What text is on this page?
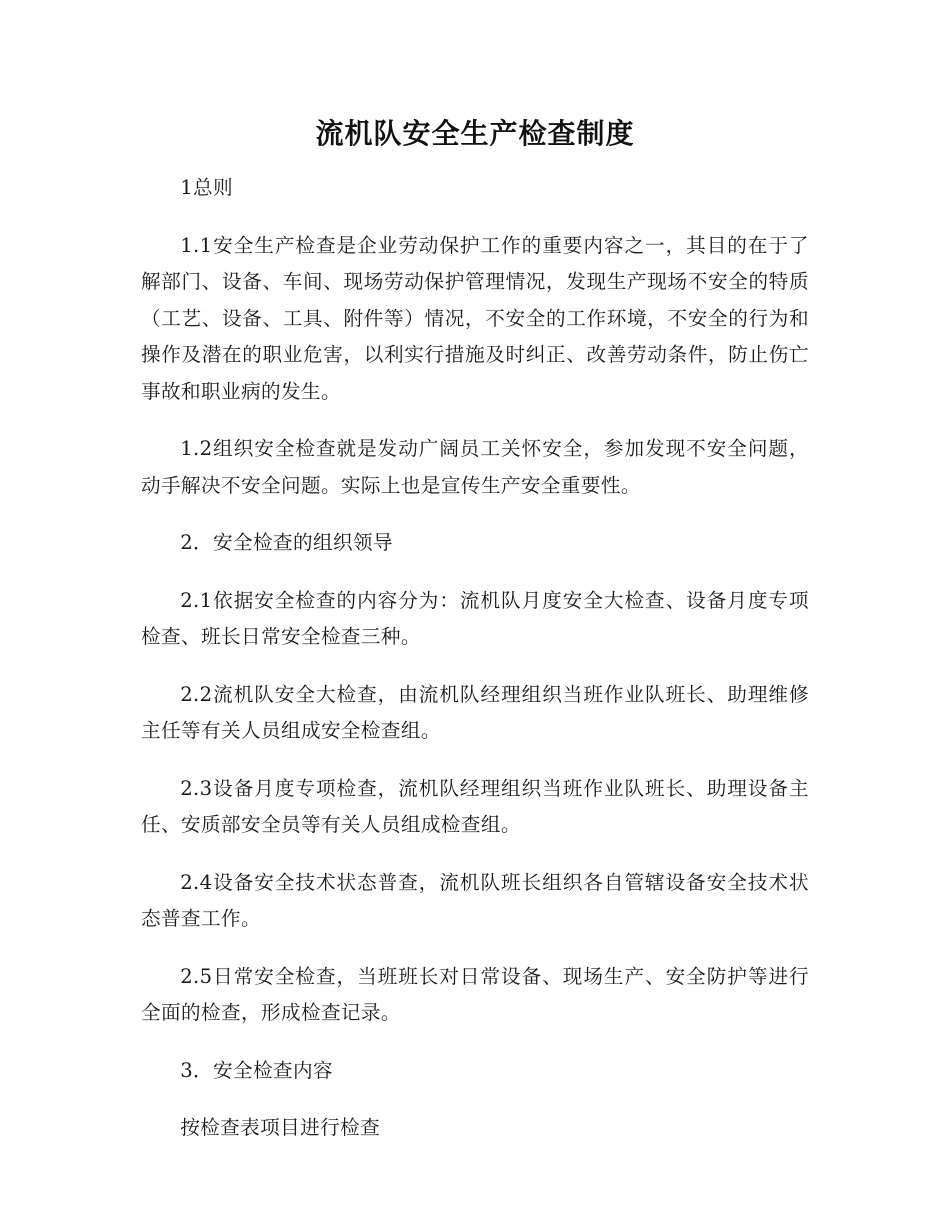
流机队安全生产检查制度

1总则

1.1安全生产检查是企业劳动保护工作的重要内容之一，其目的在于了解部门、设备、车间、现场劳动保护管理情况，发现生产现场不安全的特质（工艺、设备、工具、附件等）情况，不安全的工作环境，不安全的行为和操作及潜在的职业危害，以利实行措施及时纠正、改善劳动条件，防止伤亡事故和职业病的发生。

1.2组织安全检查就是发动广阔员工关怀安全，参加发现不安全问题，动手解决不安全问题。实际上也是宣传生产安全重要性。

2．安全检查的组织领导

2.1依据安全检查的内容分为：流机队月度安全大检查、设备月度专项检查、班长日常安全检查三种。

2.2流机队安全大检查，由流机队经理组织当班作业队班长、助理维修主任等有关人员组成安全检查组。

2.3设备月度专项检查，流机队经理组织当班作业队班长、助理设备主任、安质部安全员等有关人员组成检查组。

2.4设备安全技术状态普查，流机队班长组织各自管辖设备安全技术状态普查工作。

2.5日常安全检查，当班班长对日常设备、现场生产、安全防护等进行全面的检查，形成检查记录。

3．安全检查内容

按检查表项目进行检查
